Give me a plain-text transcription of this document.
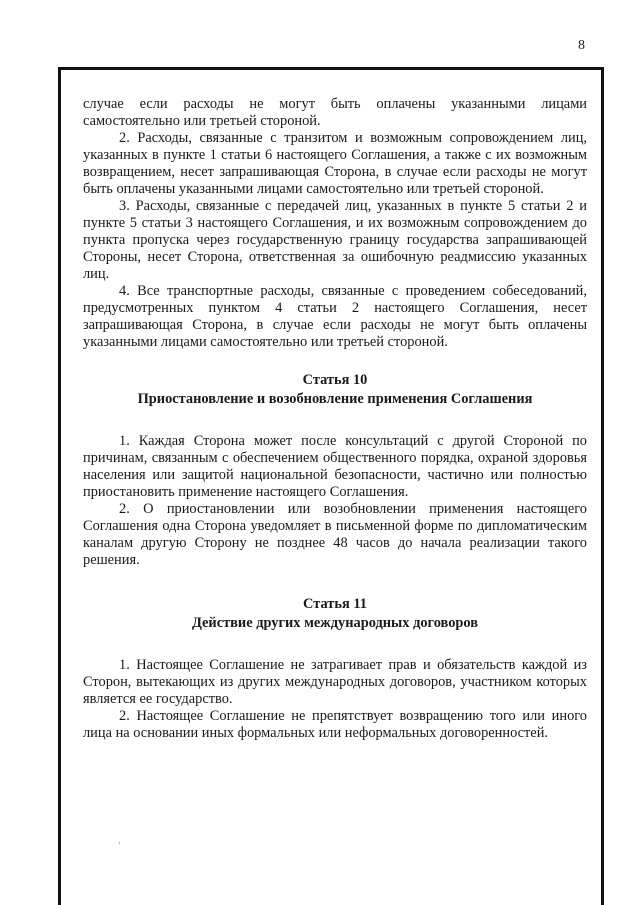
8

случае если расходы не могут быть оплачены указанными лицами самостоятельно или третьей стороной.

2. Расходы, связанные с транзитом и возможным сопровождением лиц, указанных в пункте 1 статьи 6 настоящего Соглашения, а также с их возможным возвращением, несет запрашивающая Сторона, в случае если расходы не могут быть оплачены указанными лицами самостоятельно или третьей стороной.

3. Расходы, связанные с передачей лиц, указанных в пункте 5 статьи 2 и пункте 5 статьи 3 настоящего Соглашения, и их возможным сопровождением до пункта пропуска через государственную границу государства запрашивающей Стороны, несет Сторона, ответственная за ошибочную реадмиссию указанных лиц.

4. Все транспортные расходы, связанные с проведением собеседований, предусмотренных пунктом 4 статьи 2 настоящего Соглашения, несет запрашивающая Сторона, в случае если расходы не могут быть оплачены указанными лицами самостоятельно или третьей стороной.

Статья 10
Приостановление и возобновление применения Соглашения

1. Каждая Сторона может после консультаций с другой Стороной по причинам, связанным с обеспечением общественного порядка, охраной здоровья населения или защитой национальной безопасности, частично или полностью приостановить применение настоящего Соглашения.

2. О приостановлении или возобновлении применения настоящего Соглашения одна Сторона уведомляет в письменной форме по дипломатическим каналам другую Сторону не позднее 48 часов до начала реализации такого решения.

Статья 11
Действие других международных договоров

1. Настоящее Соглашение не затрагивает прав и обязательств каждой из Сторон, вытекающих из других международных договоров, участником которых является ее государство.

2. Настоящее Соглашение не препятствует возвращению того или иного лица на основании иных формальных или неформальных договоренностей.

›
